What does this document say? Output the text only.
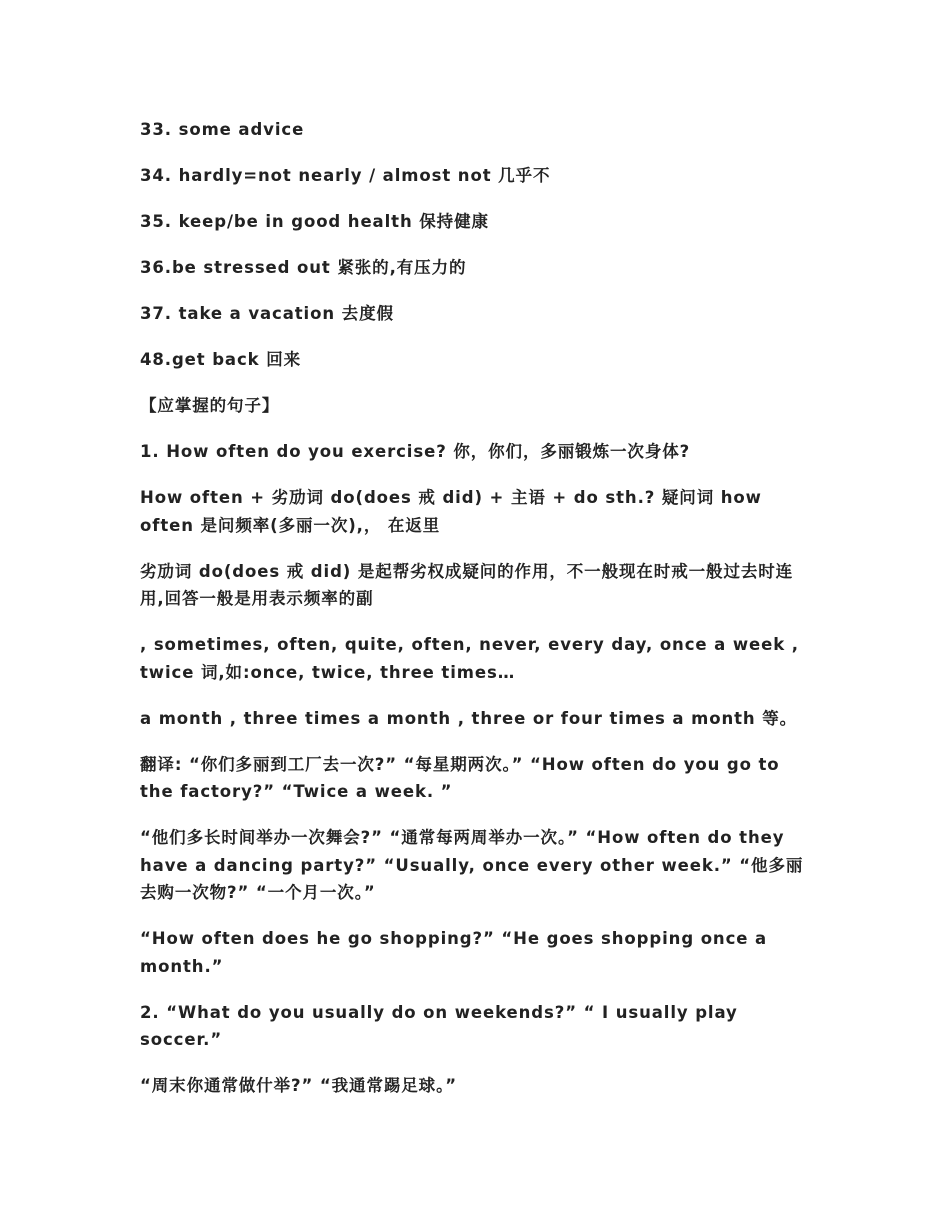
33. some advice

34. hardly=not nearly / almost not 几乎不

35. keep/be in good health 保持健康

36.be stressed out 紧张的,有压力的

37. take a vacation 去度假

48.get back 回来

【应掌握的句子】

1. How often do you exercise? 你，你们，多丽锻炼一次身体?

How often + 劣劢词 do(does 戒 did) + 主语 + do sth.? 疑问词 how often 是问频率(多丽一次),， 在返里

劣劢词 do(does 戒 did) 是起帮劣权成疑问的作用，不一般现在时戒一般过去时连用,回答一般是用表示频率的副

, sometimes, often, quite, often, never, every day, once a week , twice 词,如:once, twice, three times…

a month , three times a month , three or four times a month 等。

翻译: “你们多丽到工厂去一次?” “每星期两次。” “How often do you go to the factory?” “Twice a week. ”

“他们多长时间举办一次舞会?” “通常每两周举办一次。” “How often do they have a dancing party?” “Usually, once every other week.” “他多丽去购一次物?” “一个月一次。”

“How often does he go shopping?” “He goes shopping once a month.”

2. “What do you usually do on weekends?” “ I usually play soccer.”

“周末你通常做什举?” “我通常踢足球。”
